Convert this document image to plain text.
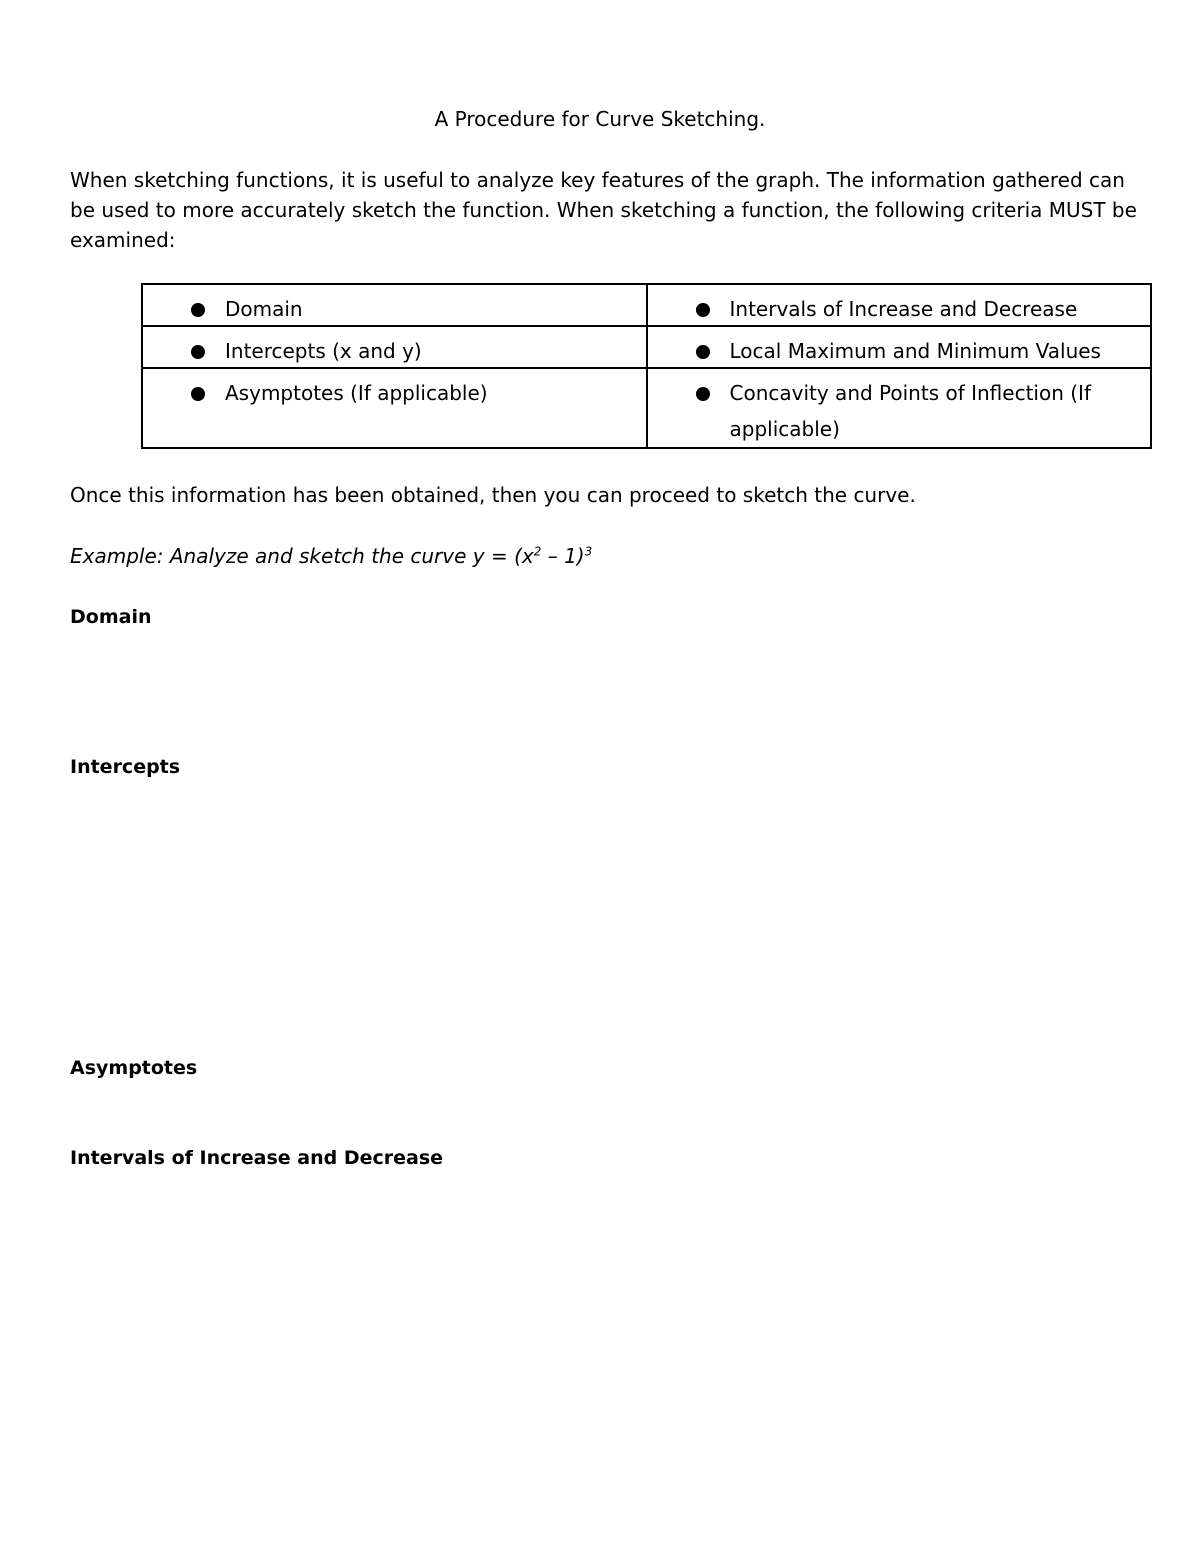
A Procedure for Curve Sketching.
When sketching functions, it is useful to analyze key features of the graph. The information gathered can be used to more accurately sketch the function. When sketching a function, the following criteria MUST be examined:
Domain	Intervals of Increase and Decrease

Intercepts (x and y)	Local Maximum and Minimum Values

Asymptotes (If applicable)	Concavity and Points of Inflection (If applicable)
Once this information has been obtained, then you can proceed to sketch the curve.
Example: Analyze and sketch the curve $y = (x^2 - 1)^3$
Domain
Intercepts
Asymptotes
Intervals of Increase and Decrease
